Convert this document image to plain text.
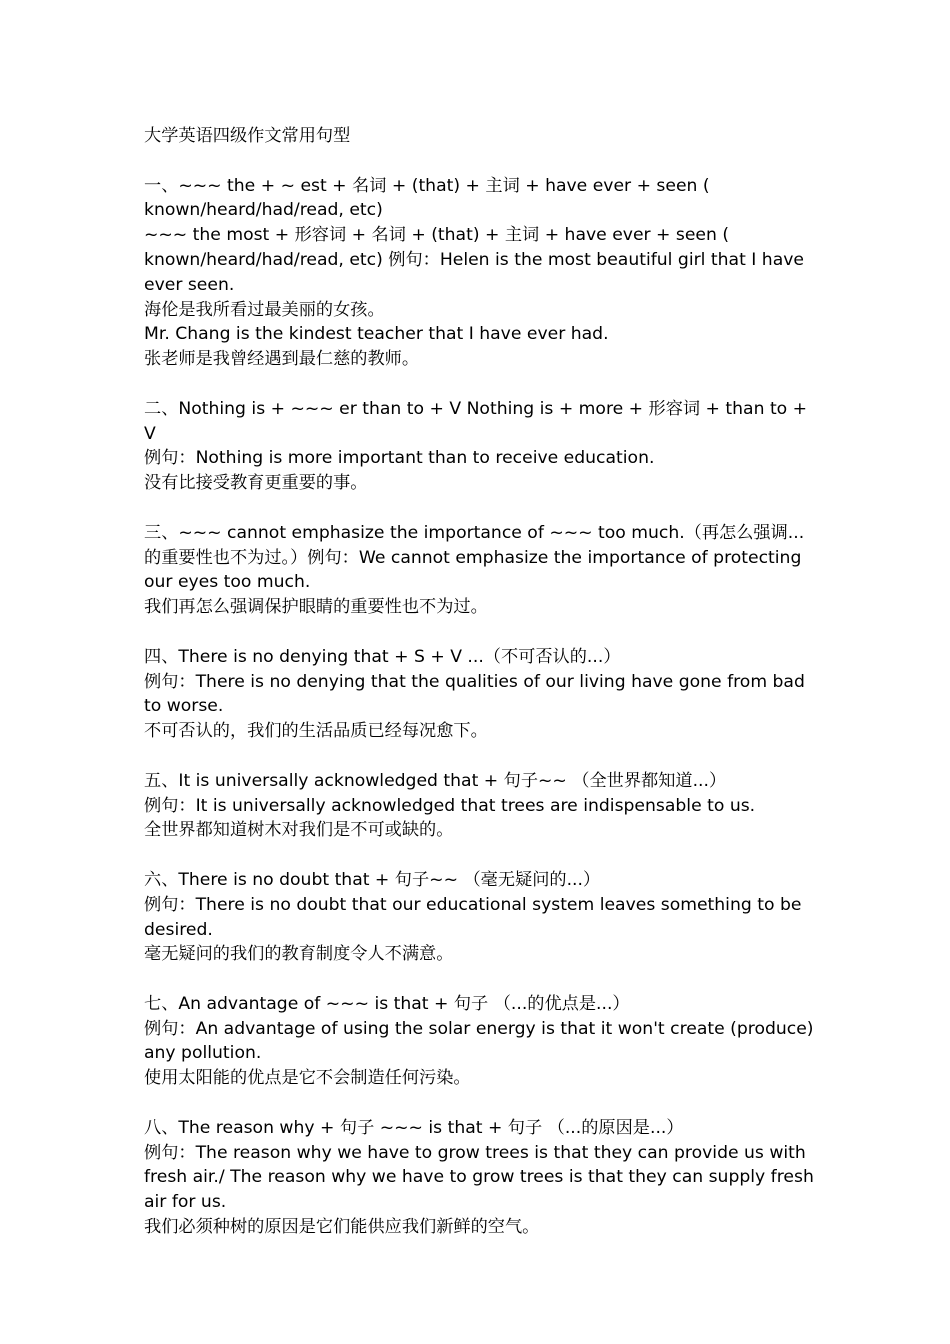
大学英语四级作文常用句型
一、~~~ the + ~ est + 名词 + (that) + 主词 + have ever + seen ( known/heard/had/read, etc)
~~~ the most + 形容词 + 名词 + (that) + 主词 + have ever + seen ( known/heard/had/read, etc) 例句：Helen is the most beautiful girl that I have ever seen.
海伦是我所看过最美丽的女孩。
Mr. Chang is the kindest teacher that I have ever had.
张老师是我曾经遇到最仁慈的教师。
二、Nothing is + ~~~ er than to + V Nothing is + more + 形容词 + than to + V
例句：Nothing is more important than to receive education.
没有比接受教育更重要的事。
三、~~~ cannot emphasize the importance of ~~~ too much.（再怎么强调...的重要性也不为过。）例句：We cannot emphasize the importance of protecting our eyes too much.
我们再怎么强调保护眼睛的重要性也不为过。
四、There is no denying that + S + V ...（不可否认的...）
例句：There is no denying that the qualities of our living have gone from bad to worse.
不可否认的，我们的生活品质已经每况愈下。
五、It is universally acknowledged that + 句子~~ （全世界都知道...）
例句：It is universally acknowledged that trees are indispensable to us.
全世界都知道树木对我们是不可或缺的。
六、There is no doubt that + 句子~~ （毫无疑问的...）
例句：There is no doubt that our educational system leaves something to be desired.
毫无疑问的我们的教育制度令人不满意。
七、An advantage of ~~~ is that + 句子 （...的优点是...）
例句：An advantage of using the solar energy is that it won't create (produce) any pollution.
使用太阳能的优点是它不会制造任何污染。
八、The reason why + 句子 ~~~ is that + 句子 （...的原因是...）
例句：The reason why we have to grow trees is that they can provide us with fresh air./ The reason why we have to grow trees is that they can supply fresh air for us.
我们必须种树的原因是它们能供应我们新鲜的空气。
